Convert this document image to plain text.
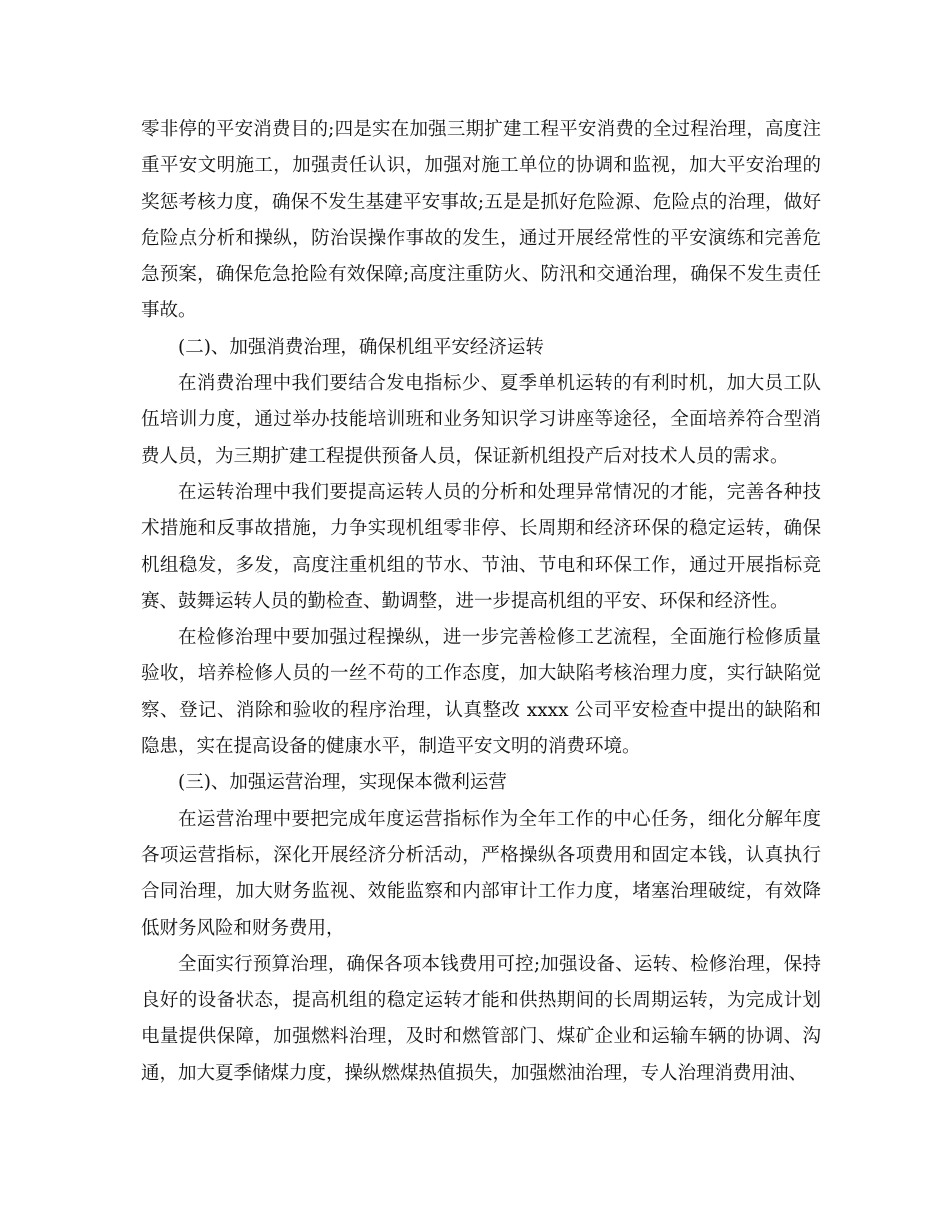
零非停的平安消费目的;四是实在加强三期扩建工程平安消费的全过程治理，高度注重平安文明施工，加强责任认识，加强对施工单位的协调和监视，加大平安治理的奖惩考核力度，确保不发生基建平安事故;五是是抓好危险源、危险点的治理，做好危险点分析和操纵，防治误操作事故的发生，通过开展经常性的平安演练和完善危急预案，确保危急抢险有效保障;高度注重防火、防汛和交通治理，确保不发生责任事故。

(二)、加强消费治理，确保机组平安经济运转

在消费治理中我们要结合发电指标少、夏季单机运转的有利时机，加大员工队伍培训力度，通过举办技能培训班和业务知识学习讲座等途径，全面培养符合型消费人员，为三期扩建工程提供预备人员，保证新机组投产后对技术人员的需求。

在运转治理中我们要提高运转人员的分析和处理异常情况的才能，完善各种技术措施和反事故措施，力争实现机组零非停、长周期和经济环保的稳定运转，确保机组稳发，多发，高度注重机组的节水、节油、节电和环保工作，通过开展指标竞赛、鼓舞运转人员的勤检查、勤调整，进一步提高机组的平安、环保和经济性。

在检修治理中要加强过程操纵，进一步完善检修工艺流程，全面施行检修质量验收，培养检修人员的一丝不苟的工作态度，加大缺陷考核治理力度，实行缺陷觉察、登记、消除和验收的程序治理，认真整改 xxxx 公司平安检查中提出的缺陷和隐患，实在提高设备的健康水平，制造平安文明的消费环境。

(三)、加强运营治理，实现保本微利运营

在运营治理中要把完成年度运营指标作为全年工作的中心任务，细化分解年度各项运营指标，深化开展经济分析活动，严格操纵各项费用和固定本钱，认真执行合同治理，加大财务监视、效能监察和内部审计工作力度，堵塞治理破绽，有效降低财务风险和财务费用，

全面实行预算治理，确保各项本钱费用可控;加强设备、运转、检修治理，保持良好的设备状态，提高机组的稳定运转才能和供热期间的长周期运转，为完成计划电量提供保障，加强燃料治理，及时和燃管部门、煤矿企业和运输车辆的协调、沟通，加大夏季储煤力度，操纵燃煤热值损失，加强燃油治理，专人治理消费用油、
